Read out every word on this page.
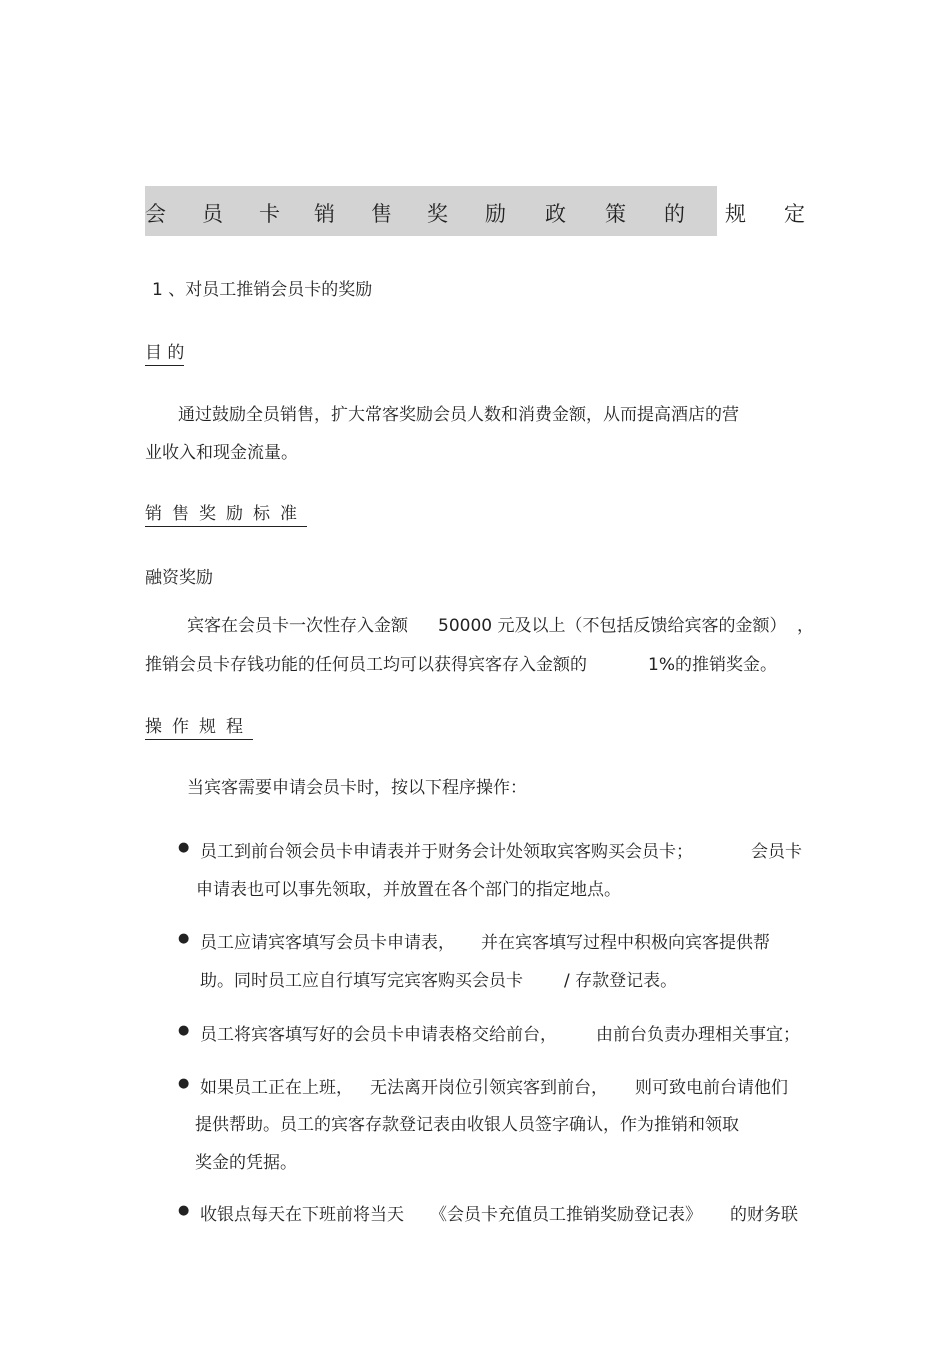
会 员 卡 销 售 奖 励 政 策 的 规 定
1 、对员工推销会员卡的奖励
目 的
通过鼓励全员销售，扩大常客奖励会员人数和消费金额，从而提高酒店的营
业收入和现金流量。
销售奖励标准
融资奖励
宾客在会员卡一次性存入金额 50000 元及以上（不包括反馈给宾客的金额） ，
推销会员卡存钱功能的任何员工均可以获得宾客存入金额的	1%的推销奖金。
操作规程
当宾客需要申请会员卡时，按以下程序操作：
● 员工到前台领会员卡申请表并于财务会计处领取宾客购买会员卡；	会员卡
申请表也可以事先领取，并放置在各个部门的指定地点。
● 员工应请宾客填写会员卡申请表， 并在宾客填写过程中积极向宾客提供帮
助。同时员工应自行填写完宾客购买会员卡 / 存款登记表。
● 员工将宾客填写好的会员卡申请表格交给前台， 由前台负责办理相关事宜；
● 如果员工正在上班， 无法离开岗位引领宾客到前台， 则可致电前台请他们
提供帮助。员工的宾客存款登记表由收银人员签字确认，作为推销和领取
奖金的凭据。
● 收银点每天在下班前将当天 《会员卡充值员工推销奖励登记表》 的财务联
